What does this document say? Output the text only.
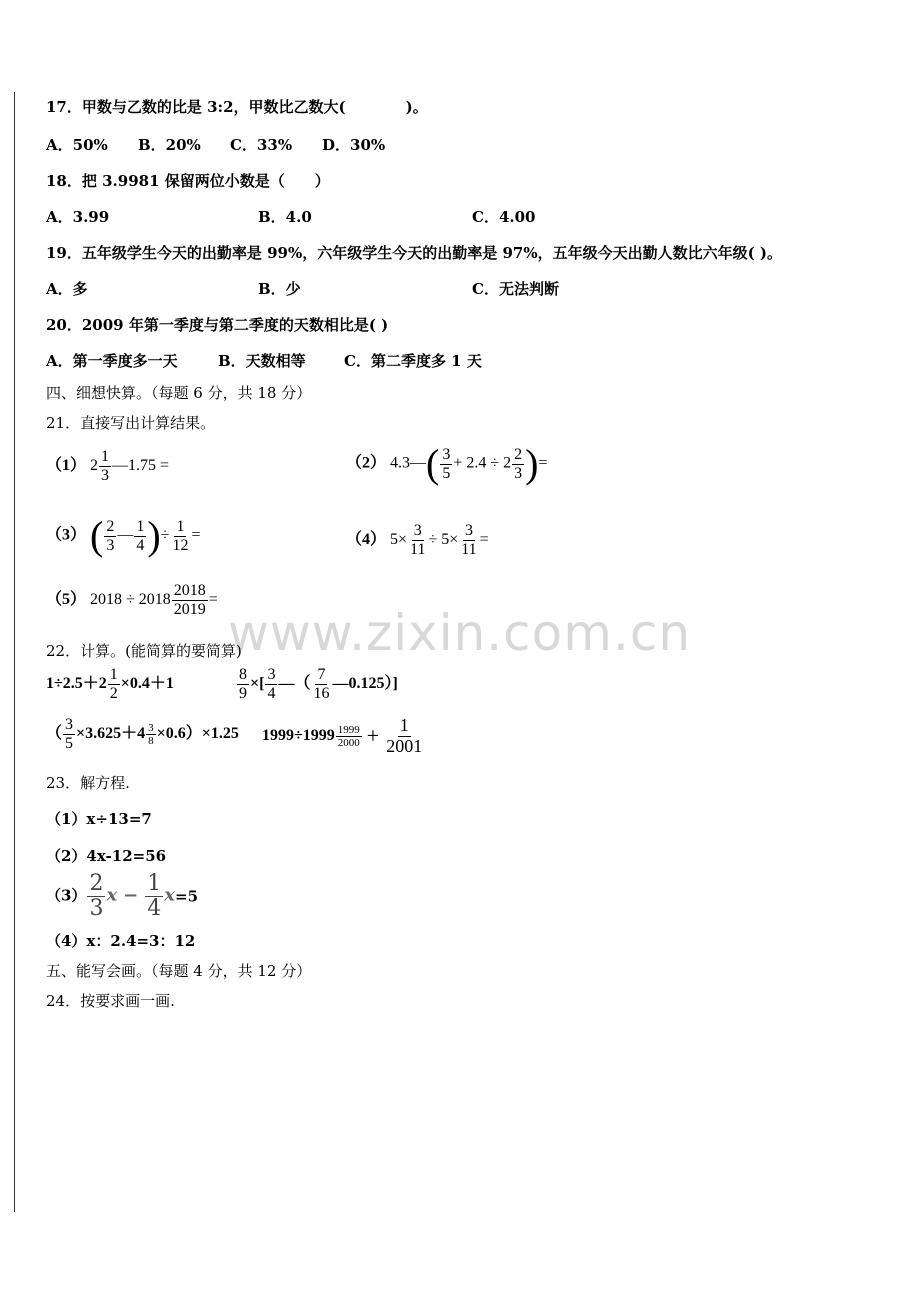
www.zixin.com.cn
17．甲数与乙数的比是 3:2，甲数比乙数大(　　　　)。
A．50% B．20% C．33% D．30%
18．把 3.9981 保留两位小数是（　　）
A．3.99	B．4.0	C．4.00
19．五年级学生今天的出勤率是 99%，六年级学生今天的出勤率是 97%，五年级今天出勤人数比六年级( )。
A．多	B．少	C．无法判断
20．2009 年第一季度与第二季度的天数相比是( )
A．第一季度多一天	B．天数相等	C．第二季度多 1 天
四、细想快算。（每题 6 分，共 18 分）
21．直接写出计算结果。
（1） $2 \frac{1}{3}$ —1.75 =	（2） 4.3—( $\frac{3}{5} + 2.4 \div 2 \frac{2}{3}$ )=
（3） ( $\frac{2}{3}$ — $\frac{1}{4}$ )÷ $\frac{1}{12}$ =	（4） $5\times \frac{3}{11} \div 5\times \frac{3}{11}$ =
（5） $2018 \div 2018 \frac{2018}{2019}$ =
22．计算。(能简算的要简算)
$1\div 2.5+2 \frac{1}{2} \times 0.4+1$	$\frac{8}{9}$ ×[ $\frac{3}{4}$ —（ $\frac{7}{16}$ —0.125）]
（ $\frac{3}{5} \times 3.625+4 \frac{3}{8} \times 0.6)\times 1.25$ $1999\div 1999 \frac{1999}{2000} + \frac{1}{2001}$
23．解方程.
（1）x÷13=7
（2）4x-12=56
$(3) \frac{2}{3}$ $x - \frac{1}{4} x=5$
（4）x：2.4=3：12
五、能写会画。（每题 4 分，共 12 分）
24．按要求画一画.
